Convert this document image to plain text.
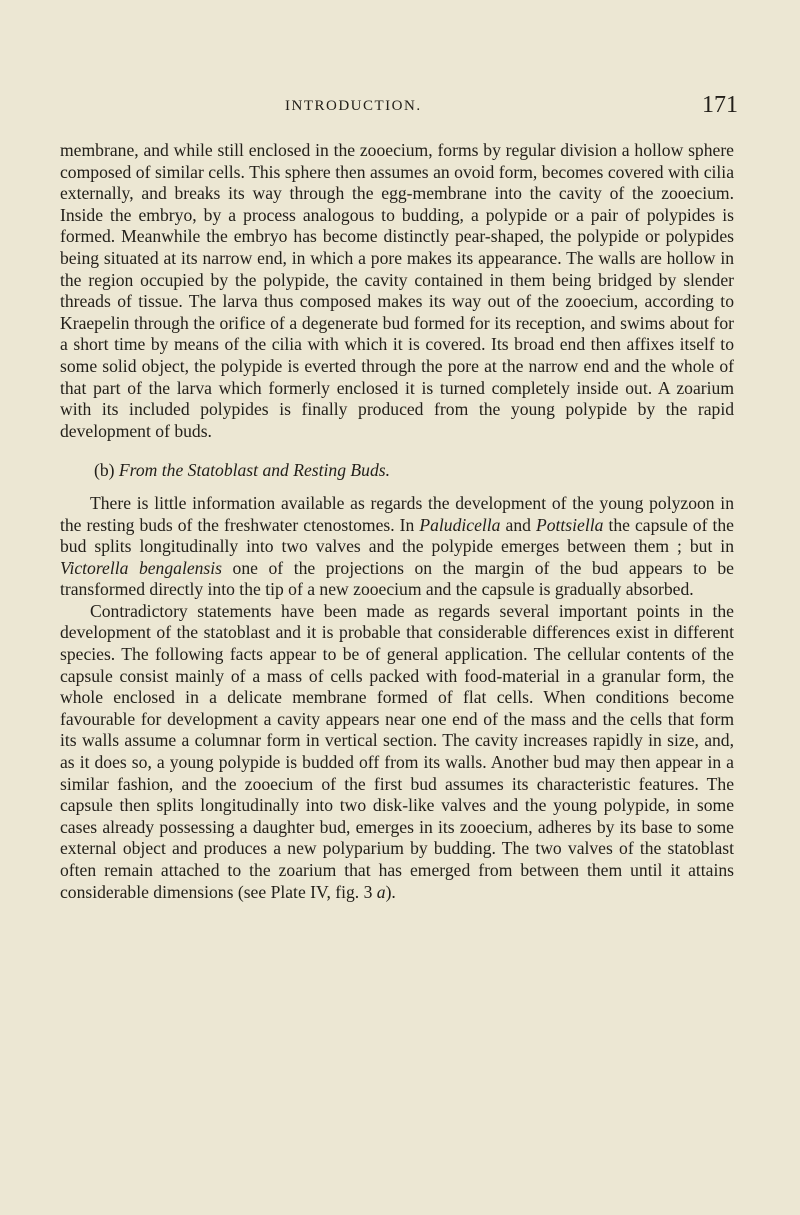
INTRODUCTION.	171

membrane, and while still enclosed in the zooecium, forms by regular division a hollow sphere composed of similar cells. This sphere then assumes an ovoid form, becomes covered with cilia externally, and breaks its way through the egg-membrane into the cavity of the zooecium. Inside the embryo, by a process analogous to budding, a polypide or a pair of polypides is formed. Meanwhile the embryo has become distinctly pear-shaped, the polypide or polypides being situated at its narrow end, in which a pore makes its appearance. The walls are hollow in the region occupied by the polypide, the cavity contained in them being bridged by slender threads of tissue. The larva thus composed makes its way out of the zooecium, according to Kraepelin through the orifice of a degenerate bud formed for its reception, and swims about for a short time by means of the cilia with which it is covered. Its broad end then affixes itself to some solid object, the polypide is everted through the pore at the narrow end and the whole of that part of the larva which formerly enclosed it is turned completely inside out. A zoarium with its included polypides is finally produced from the young polypide by the rapid development of buds.

(b) From the Statoblast and Resting Buds.

There is little information available as regards the development of the young polyzoon in the resting buds of the freshwater ctenostomes. In Paludicella and Pottsiella the capsule of the bud splits longitudinally into two valves and the polypide emerges between them ; but in Victorella bengalensis one of the projections on the margin of the bud appears to be transformed directly into the tip of a new zooecium and the capsule is gradually absorbed.

Contradictory statements have been made as regards several important points in the development of the statoblast and it is probable that considerable differences exist in different species. The following facts appear to be of general application. The cellular contents of the capsule consist mainly of a mass of cells packed with food-material in a granular form, the whole enclosed in a delicate membrane formed of flat cells. When conditions become favourable for development a cavity appears near one end of the mass and the cells that form its walls assume a columnar form in vertical section. The cavity increases rapidly in size, and, as it does so, a young polypide is budded off from its walls. Another bud may then appear in a similar fashion, and the zooecium of the first bud assumes its characteristic features. The capsule then splits longitudinally into two disk-like valves and the young polypide, in some cases already possessing a daughter bud, emerges in its zooecium, adheres by its base to some external object and produces a new polyparium by budding. The two valves of the statoblast often remain attached to the zoarium that has emerged from between them until it attains considerable dimensions (see Plate IV, fig. 3 a).
